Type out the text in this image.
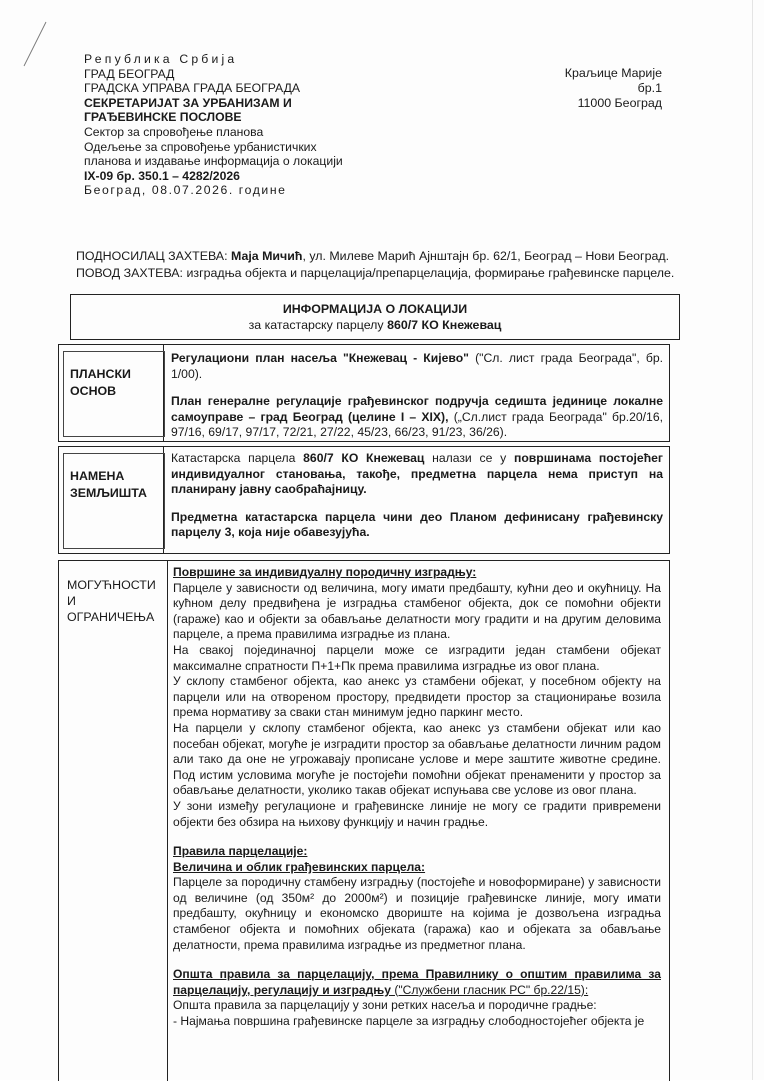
Република Србија
ГРАД БЕОГРАД
ГРАДСКА УПРАВА ГРАДА БЕОГРАДА
СЕКРЕТАРИЈАТ ЗА УРБАНИЗАМ И
ГРАЂЕВИНСКЕ ПОСЛОВЕ
Сектор за спровођење планова
Одељење за спровођење урбанистичких
планова и издавање информација о локацији
IX-09 бр. 350.1 – 4282/2026
Београд, 08.07.2026. године
Краљице Марије бр.1
11000 Београд
ПОДНОСИЛАЦ ЗАХТЕВА: Маја Мичић, ул. Милеве Марић Ајнштајн бр. 62/1, Београд – Нови Београд.
ПОВОД ЗАХТЕВА: изградња објекта и парцелација/препарцелација, формирање грађевинске парцеле.
ИНФОРМАЦИЈА О ЛОКАЦИЈИ
за катастарску парцелу 860/7 КО Кнежевац
ПЛАНСКИ
ОСНОВ

Регулациони план насеља "Кнежевац - Кијево" ("Сл. лист града Београда", бр. 1/00).

План генералне регулације грађевинског подручја седишта јединице локалне самоуправе – град Београд (целине I – XIX), („Сл.лист града Београда" бр.20/16, 97/16, 69/17, 97/17, 72/21, 27/22, 45/23, 66/23, 91/23, 36/26).

НАМЕНА
ЗЕМЉИШТА

Катастарска парцела 860/7 КО Кнежевац налази се у површинама постојећег индивидуалног становања, такође, предметна парцела нема приступ на планирану јавну саобраћајницу.

Предметна катастарска парцела чини део Планом дефинисану грађевинску парцелу 3, која није обавезујућа.

МОГУЋНОСТИ
И
ОГРАНИЧЕЊА

Површине за индивидуалну породичну изградњу:

Парцеле у зависности од величина, могу имати предбашту, кућни део и окућницу. На кућном делу предвиђена је изградња стамбеног објекта, док се помоћни објекти (гараже) као и објекти за обављање делатности могу градити и на другим деловима парцеле, а према правилима изградње из плана.

На свакој појединачној парцели може се изградити један стамбени објекат максималне спратности П+1+Пк према правилима изградње из овог плана.

У склопу стамбеног објекта, као анекс уз стамбени објекат, у посебном објекту на парцели или на отвореном простору, предвидети простор за стационирање возила према нормативу за сваки стан минимум једно паркинг место.

На парцели у склопу стамбеног објекта, као анекс уз стамбени објекат или као посебан објекат, могуће је изградити простор за обављање делатности личним радом али тако да оне не угрожавају прописане услове и мере заштите животне средине. Под истим условима могуће је постојећи помоћни објекат пренаменити у простор за обављање делатности, уколико такав објекат испуњава све услове из овог плана.

У зони између регулационе и грађевинске линије не могу се градити привремени објекти без обзира на њихову функцију и начин градње.

Правила парцелације:

Величина и облик грађевинских парцела:

Парцеле за породичну стамбену изградњу (постојеће и новоформиране) у зависности од величине (од 350м² до 2000м²) и позиције грађевинске линије, могу имати предбашту, окућницу и економско двориште на којима је дозвољена изградња стамбеног објекта и помоћних објеката (гаража) као и објеката за обављање делатности, према правилима изградње из предметног плана.

Општа правила за парцелацију, према Правилнику о општим правилима за парцелацију, регулацију и изградњу ("Службени гласник РС" бр.22/15):

Општа правила за парцелацију у зони ретких насеља и породичне градње:

- Најмања површина грађевинске парцеле за изградњу слободностојећег објекта је
